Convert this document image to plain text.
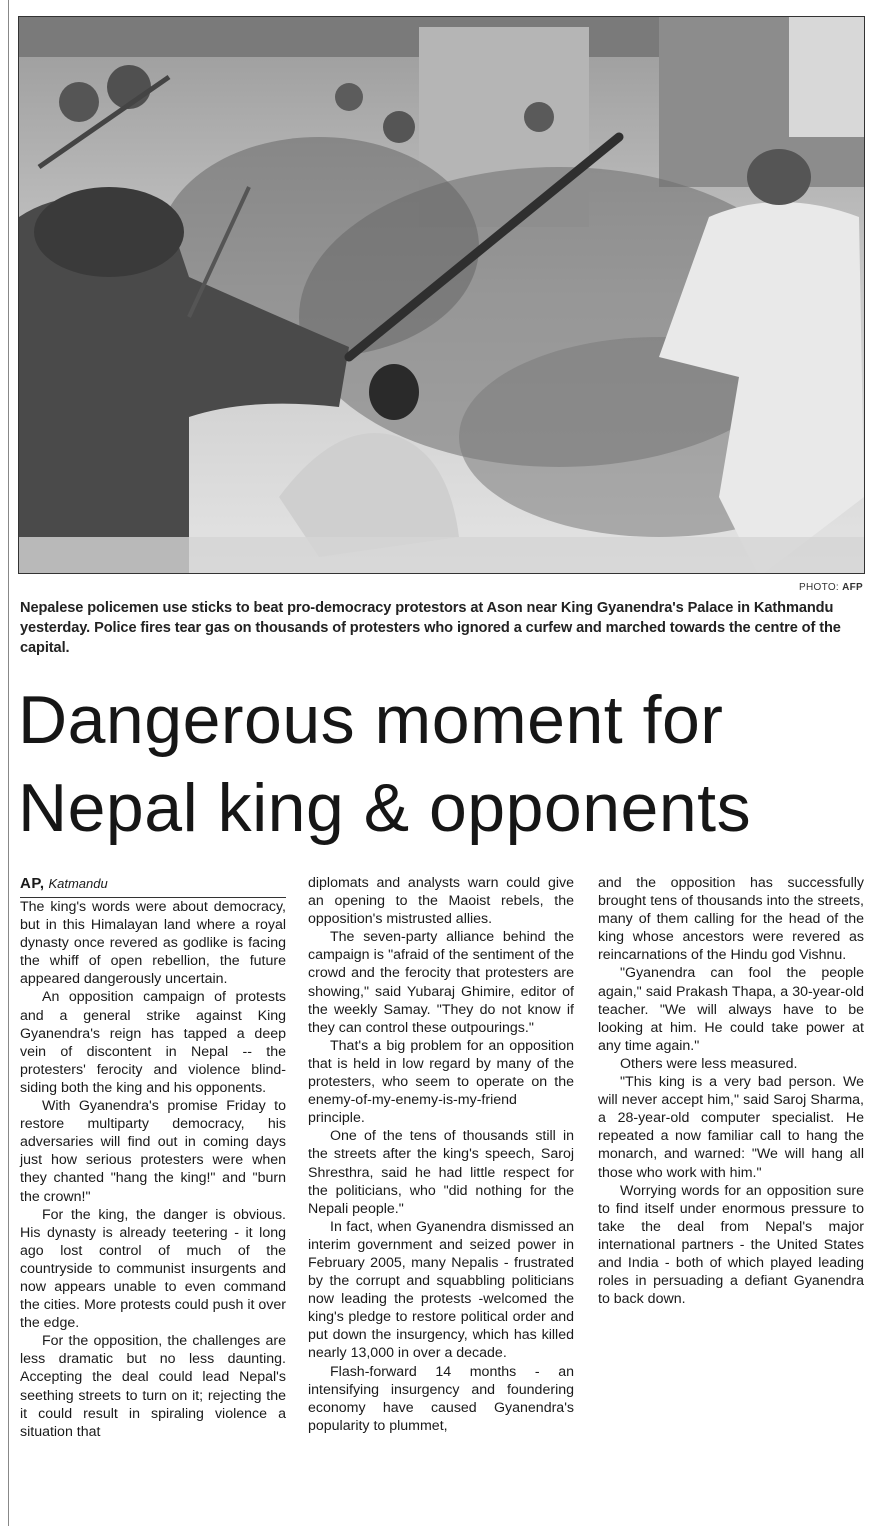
PHOTO: AFP
Nepalese policemen use sticks to beat pro-democracy protestors at Ason near King Gyanendra's Palace in Kathmandu yesterday. Police fires tear gas on thousands of protesters who ignored a curfew and marched towards the centre of the capital.
Dangerous moment for
Nepal king & opponents

AP, Katmandu

The king's words were about democracy, but in this Himalayan land where a royal dynasty once revered as godlike is facing the whiff of open rebellion, the future appeared dangerously uncertain.

An opposition campaign of protests and a general strike against King Gyanendra's reign has tapped a deep vein of discontent in Nepal -- the protesters' ferocity and violence blind-siding both the king and his opponents.

With Gyanendra's promise Friday to restore multiparty democracy, his adversaries will find out in coming days just how serious protesters were when they chanted "hang the king!" and "burn the crown!"

For the king, the danger is obvious. His dynasty is already teetering - it long ago lost control of much of the countryside to communist insurgents and now appears unable to even command the cities. More protests could push it over the edge.

For the opposition, the challenges are less dramatic but no less daunting. Accepting the deal could lead Nepal's seething streets to turn on it; rejecting the it could result in spiraling violence a situation that

diplomats and analysts warn could give an opening to the Maoist rebels, the opposition's mistrusted allies.

The seven-party alliance behind the campaign is "afraid of the sentiment of the crowd and the ferocity that protesters are showing," said Yubaraj Ghimire, editor of the weekly Samay. "They do not know if they can control these outpourings."

That's a big problem for an opposition that is held in low regard by many of the protesters, who seem to operate on the enemy-of-my-enemy-is-my-friend principle.

One of the tens of thousands still in the streets after the king's speech, Saroj Shresthra, said he had little respect for the politicians, who "did nothing for the Nepali people."

In fact, when Gyanendra dismissed an interim government and seized power in February 2005, many Nepalis - frustrated by the corrupt and squabbling politicians now leading the protests -welcomed the king's pledge to restore political order and put down the insurgency, which has killed nearly 13,000 in over a decade.

Flash-forward 14 months - an intensifying insurgency and foundering economy have caused Gyanendra's popularity to plummet,

and the opposition has successfully brought tens of thousands into the streets, many of them calling for the head of the king whose ancestors were revered as reincarnations of the Hindu god Vishnu.

"Gyanendra can fool the people again," said Prakash Thapa, a 30-year-old teacher. "We will always have to be looking at him. He could take power at any time again."

Others were less measured.

"This king is a very bad person. We will never accept him," said Saroj Sharma, a 28-year-old computer specialist. He repeated a now familiar call to hang the monarch, and warned: "We will hang all those who work with him."

Worrying words for an opposition sure to find itself under enormous pressure to take the deal from Nepal's major international partners - the United States and India - both of which played leading roles in persuading a defiant Gyanendra to back down.
